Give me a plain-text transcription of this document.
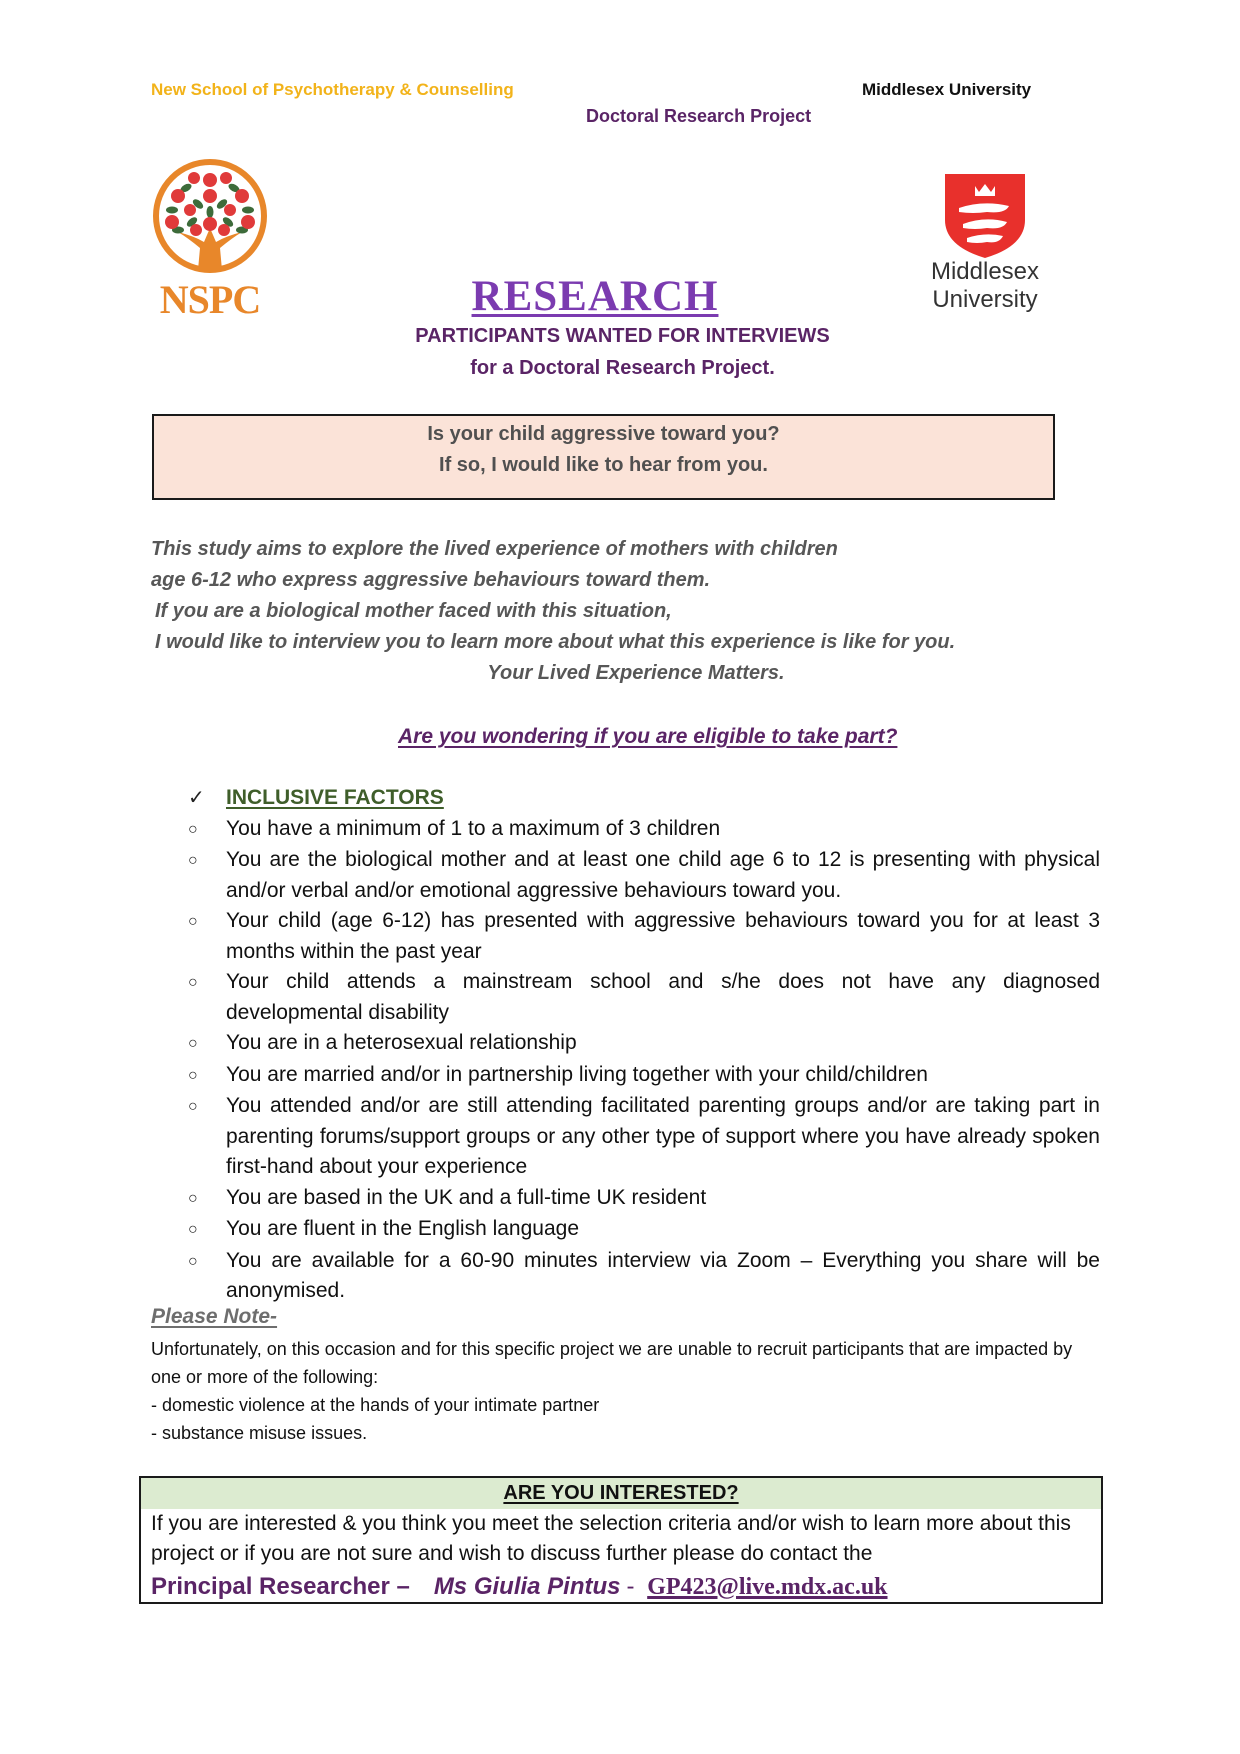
New School of Psychotherapy & Counselling	Middlesex University
Doctoral Research Project
NSPC
Middlesex
University
RESEARCH
PARTICIPANTS WANTED FOR INTERVIEWS
for a Doctoral Research Project.
Is your child aggressive toward you?
If so, I would like to hear from you.
This study aims to explore the lived experience of mothers with children
age 6-12 who express aggressive behaviours toward them.
If you are a biological mother faced with this situation,
I would like to interview you to learn more about what this experience is like for you.
Your Lived Experience Matters.
Are you wondering if you are eligible to take part?
✓	INCLUSIVE FACTORS
○	You have a minimum of 1 to a maximum of 3 children
○	You are the biological mother and at least one child age 6 to 12 is presenting with physical and/or verbal and/or emotional aggressive behaviours toward you.
○	Your child (age 6-12) has presented with aggressive behaviours toward you for at least 3 months within the past year
○	Your child attends a mainstream school and s/he does not have any diagnosed developmental disability
○	You are in a heterosexual relationship
○	You are married and/or in partnership living together with your child/children
○	You attended and/or are still attending facilitated parenting groups and/or are taking part in parenting forums/support groups or any other type of support where you have already spoken first-hand about your experience
○	You are based in the UK and a full-time UK resident
○	You are fluent in the English language
○	You are available for a 60-90 minutes interview via Zoom – Everything you share will be anonymised.
Please Note-
Unfortunately, on this occasion and for this specific project we are unable to recruit participants that are impacted by one or more of the following:
- domestic violence at the hands of your intimate partner
- substance misuse issues.
ARE YOU INTERESTED?
If you are interested & you think you meet the selection criteria and/or wish to learn more about this project or if you are not sure and wish to discuss further please do contact the
Principal Researcher – Ms Giulia Pintus - GP423@live.mdx.ac.uk
